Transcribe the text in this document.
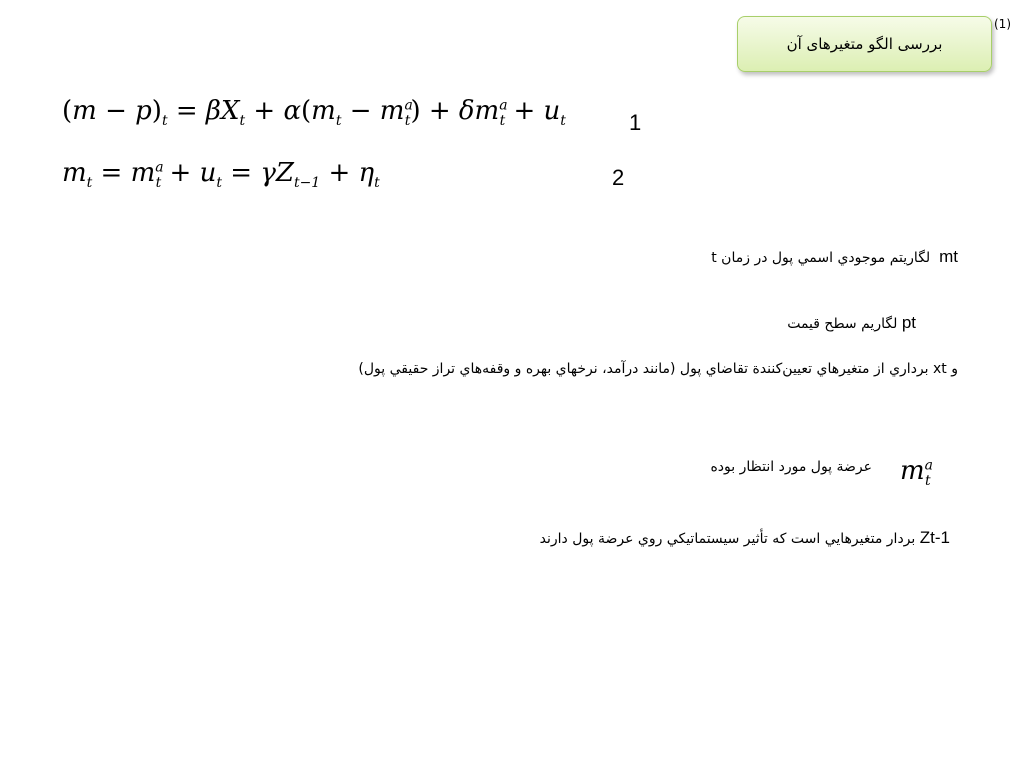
(1)
بررسی الگو متغیرهای آن
$(m - p)_t = \beta X_t + \alpha(m_t - m^a_t) + \delta m^a_t + u_t$	1
$m_t = m^a_t + u_t = \gamma Z_{t-1} + \eta_t$	2
mt  لگاریتم موجودي اسمي پول در زمان t
pt لگاریم سطح قیمت
و xt برداري از متغیرهاي تعیین‌کنندة تقاضاي پول (مانند درآمد، نرخهاي بهره و وقفه‌هاي تراز حقیقي پول)
عرضة پول مورد انتظار بوده $m^a_t$
Zt-1 بردار متغیرهايي است که تأثیر سیستماتیکي روي عرضة پول دارند
